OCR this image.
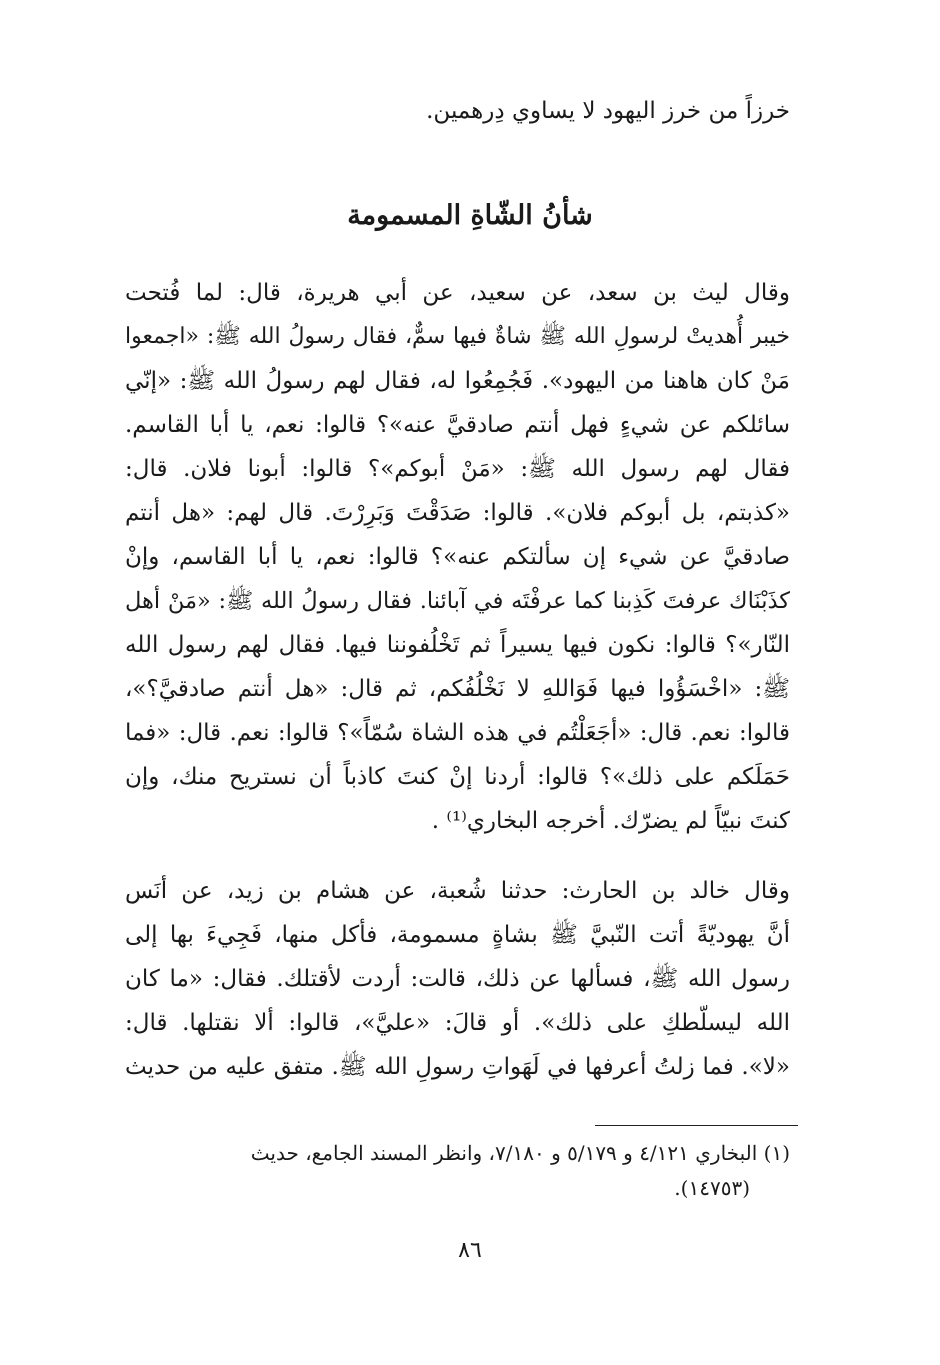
خرزاً من خرز اليهود لا يساوي دِرهمين.
شأنُ الشّاةِ المسمومة
وقال ليث بن سعد، عن سعيد، عن أبي هريرة، قال: لما فُتحت
خيبر أُهديتْ لرسولِ الله ﷺ شاةٌ فيها سمٌّ، فقال رسولُ الله ﷺ: «اجمعوا
مَنْ كان هاهنا من اليهود». فَجُمِعُوا له، فقال لهم رسولُ الله ﷺ: «إنّي
سائلكم عن شيءٍ فهل أنتم صادقيَّ عنه»؟ قالوا: نعم، يا أبا القاسم.
فقال لهم رسول الله ﷺ: «مَنْ أبوكم»؟ قالوا: أبونا فلان. قال:
«كذبتم، بل أبوكم فلان». قالوا: صَدَقْتَ وَبَرِرْتَ. قال لهم: «هل أنتم
صادقيَّ عن شيء إن سألتكم عنه»؟ قالوا: نعم، يا أبا القاسم، وإنْ
كذَبْنَاك عرفتَ كَذِبنا كما عرفْتَه في آبائنا. فقال رسولُ الله ﷺ: «مَنْ أهل
النّار»؟ قالوا: نكون فيها يسيراً ثم تَخْلُفوننا فيها. فقال لهم رسول الله
ﷺ: «اخْسَؤُوا فيها فَوَاللهِ لا نَخْلُفُكم، ثم قال: «هل أنتم صادقيَّ؟»،
قالوا: نعم. قال: «أجَعَلْتُم في هذه الشاة سُمّاً»؟ قالوا: نعم. قال: «فما
حَمَلَكم على ذلك»؟ قالوا: أردنا إنْ كنتَ كاذباً أن نستريح منك، وإن
كنتَ نبيّاً لم يضرّك. أخرجه البخاري⁽¹⁾ .
وقال خالد بن الحارث: حدثنا شُعبة، عن هشام بن زيد، عن أنَس
أنَّ يهوديّةً أتت النّبيَّ ﷺ بشاةٍ مسمومة، فأكل منها، فَجِيءَ بها إلى
رسول الله ﷺ، فسألها عن ذلك، قالت: أردت لأقتلك. فقال: «ما كان
الله ليسلّطكِ على ذلك». أو قالَ: «عليَّ»، قالوا: ألا نقتلها. قال:
«لا». فما زلتُ أعرفها في لَهَواتِ رسولِ الله ﷺ. متفق عليه من حديث
(١) البخاري ٤/١٢١ و ٥/١٧٩ و ٧/١٨٠، وانظر المسند الجامع، حديث
(١٤٧٥٣).
٨٦
